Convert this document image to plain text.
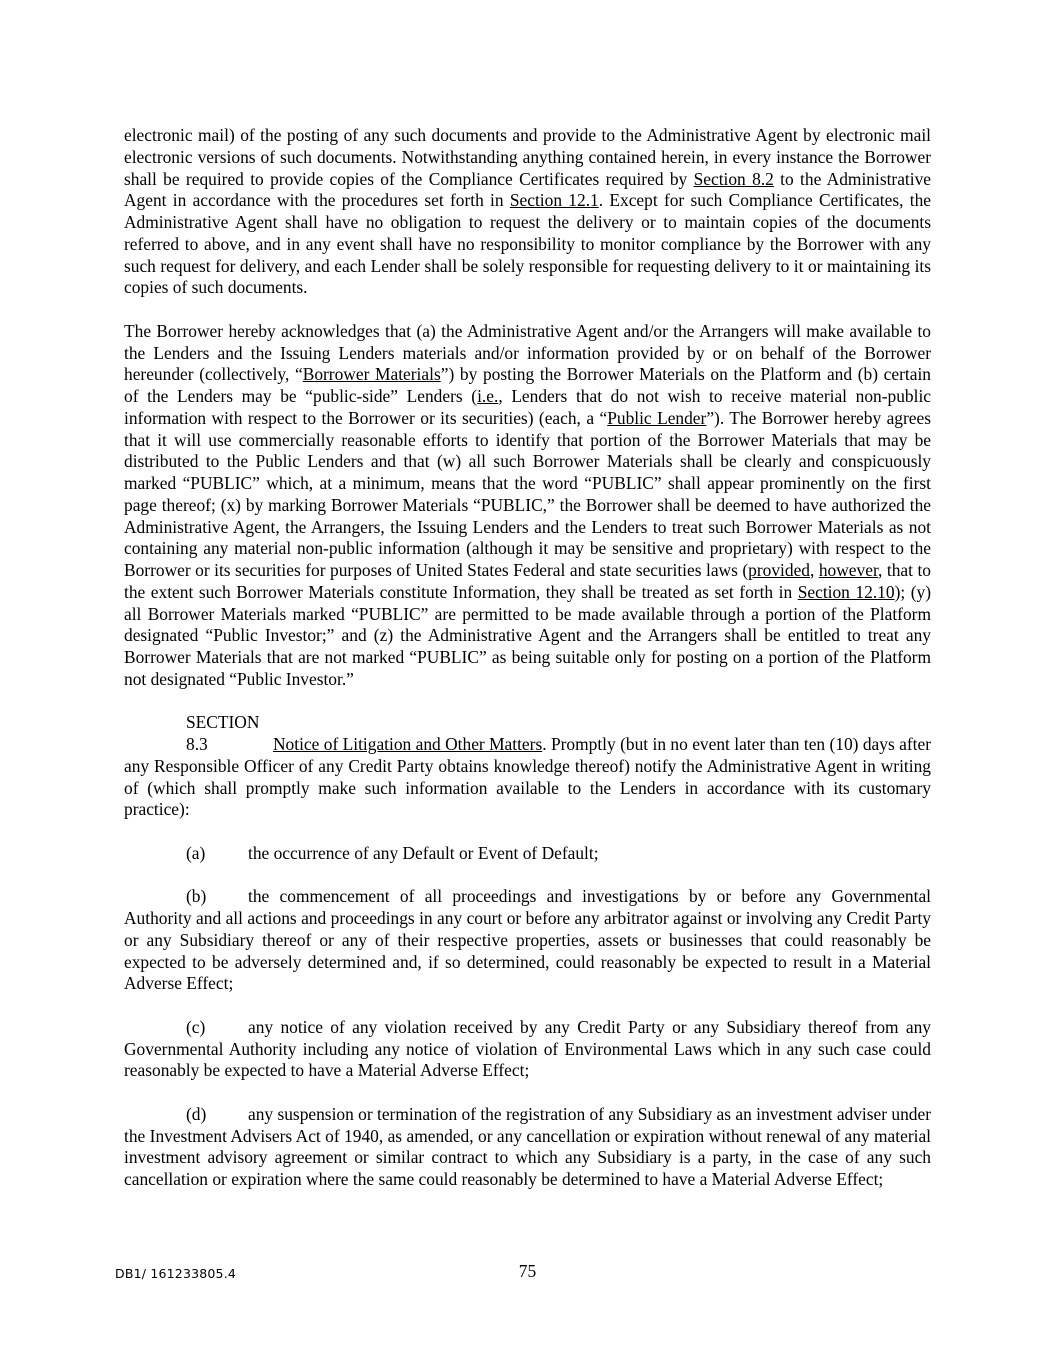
electronic mail) of the posting of any such documents and provide to the Administrative Agent by electronic mail electronic versions of such documents. Notwithstanding anything contained herein, in every instance the Borrower shall be required to provide copies of the Compliance Certificates required by Section 8.2 to the Administrative Agent in accordance with the procedures set forth in Section 12.1. Except for such Compliance Certificates, the Administrative Agent shall have no obligation to request the delivery or to maintain copies of the documents referred to above, and in any event shall have no responsibility to monitor compliance by the Borrower with any such request for delivery, and each Lender shall be solely responsible for requesting delivery to it or maintaining its copies of such documents.

The Borrower hereby acknowledges that (a) the Administrative Agent and/or the Arrangers will make available to the Lenders and the Issuing Lenders materials and/or information provided by or on behalf of the Borrower hereunder (collectively, “Borrower Materials”) by posting the Borrower Materials on the Platform and (b) certain of the Lenders may be “public-side” Lenders (i.e., Lenders that do not wish to receive material non-public information with respect to the Borrower or its securities) (each, a “Public Lender”). The Borrower hereby agrees that it will use commercially reasonable efforts to identify that portion of the Borrower Materials that may be distributed to the Public Lenders and that (w) all such Borrower Materials shall be clearly and conspicuously marked “PUBLIC” which, at a minimum, means that the word “PUBLIC” shall appear prominently on the first page thereof; (x) by marking Borrower Materials “PUBLIC,” the Borrower shall be deemed to have authorized the Administrative Agent, the Arrangers, the Issuing Lenders and the Lenders to treat such Borrower Materials as not containing any material non-public information (although it may be sensitive and proprietary) with respect to the Borrower or its securities for purposes of United States Federal and state securities laws (provided, however, that to the extent such Borrower Materials constitute Information, they shall be treated as set forth in Section 12.10); (y) all Borrower Materials marked “PUBLIC” are permitted to be made available through a portion of the Platform designated “Public Investor;” and (z) the Administrative Agent and the Arrangers shall be entitled to treat any Borrower Materials that are not marked “PUBLIC” as being suitable only for posting on a portion of the Platform not designated “Public Investor.”

SECTION 8.3	Notice of Litigation and Other Matters. Promptly (but in no event later than ten (10) days after any Responsible Officer of any Credit Party obtains knowledge thereof) notify the Administrative Agent in writing of (which shall promptly make such information available to the Lenders in accordance with its customary practice):

(a) the occurrence of any Default or Event of Default;

(b) the commencement of all proceedings and investigations by or before any Governmental Authority and all actions and proceedings in any court or before any arbitrator against or involving any Credit Party or any Subsidiary thereof or any of their respective properties, assets or businesses that could reasonably be expected to be adversely determined and, if so determined, could reasonably be expected to result in a Material Adverse Effect;

(c) any notice of any violation received by any Credit Party or any Subsidiary thereof from any Governmental Authority including any notice of violation of Environmental Laws which in any such case could reasonably be expected to have a Material Adverse Effect;

(d) any suspension or termination of the registration of any Subsidiary as an investment adviser under the Investment Advisers Act of 1940, as amended, or any cancellation or expiration without renewal of any material investment advisory agreement or similar contract to which any Subsidiary is a party, in the case of any such cancellation or expiration where the same could reasonably be determined to have a Material Adverse Effect;

DB1/ 161233805.4	75
